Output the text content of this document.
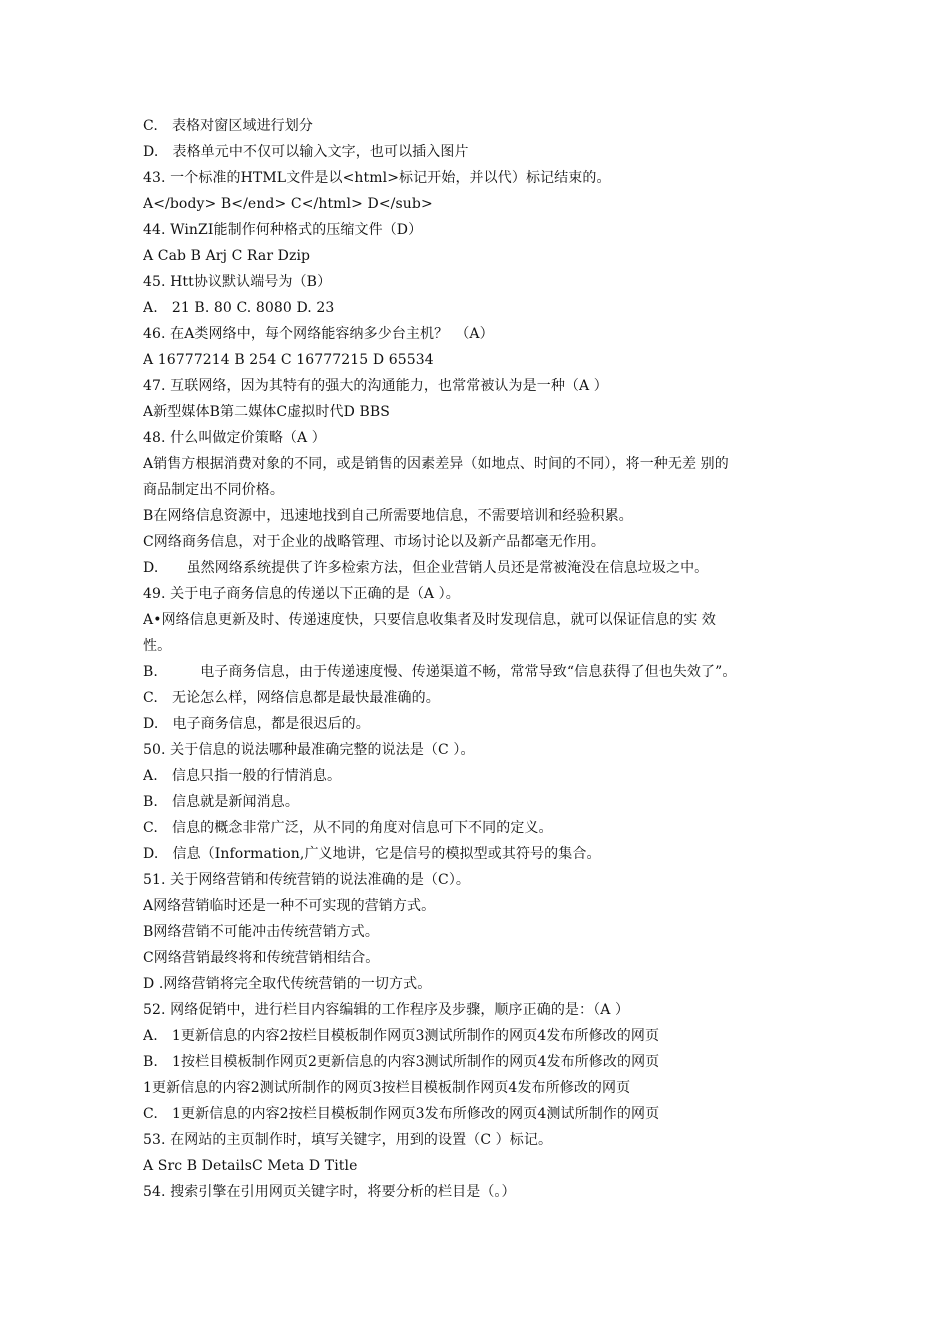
C.　表格对窗区域进行划分
D.　表格单元中不仅可以输入文字，也可以插入图片
43. 一个标准的HTML文件是以<html>标记开始，并以代）标记结束的。
A</body> B</end> C</html> D</sub>
44. WinZI能制作何种格式的压缩文件（D）
A Cab B Arj C Rar Dzip
45. Htt协议默认端号为（B）
A.　21 B. 80 C. 8080 D. 23
46. 在A类网络中，每个网络能容纳多少台主机？　（A）
A 16777214 B 254 C 16777215 D 65534
47. 互联网络，因为其特有的强大的沟通能力，也常常被认为是一种（A ）
A新型媒体B第二媒体C虚拟时代D BBS
48. 什么叫做定价策略（A ）
A销售方根据消费对象的不同，或是销售的因素差异（如地点、时间的不同），将一种无差 别的
商品制定出不同价格。
B在网络信息资源中，迅速地找到自己所需要地信息，不需要培训和经验积累。
C网络商务信息，对于企业的战略管理、市场讨论以及新产品都毫无作用。
D.　　虽然网络系统提供了许多检索方法，但企业营销人员还是常被淹没在信息垃圾之中。
49. 关于电子商务信息的传递以下正确的是（A ）。
A•网络信息更新及时、传递速度快，只要信息收集者及时发现信息，就可以保证信息的实 效
性。
B.　　　电子商务信息，由于传递速度慢、传递渠道不畅，常常导致“信息获得了但也失效了”。
C.　无论怎么样，网络信息都是最快最准确的。
D.　电子商务信息，都是很迟后的。
50. 关于信息的说法哪种最准确完整的说法是（C ）。
A.　信息只指一般的行情消息。
B.　信息就是新闻消息。
C.　信息的概念非常广泛，从不同的角度对信息可下不同的定义。
D.　信息（Information,广义地讲，它是信号的模拟型或其符号的集合。
51. 关于网络营销和传统营销的说法准确的是（C）。
A网络营销临时还是一种不可实现的营销方式。
B网络营销不可能冲击传统营销方式。
C网络营销最终将和传统营销相结合。
D .网络营销将完全取代传统营销的一切方式。
52. 网络促销中，进行栏目内容编辑的工作程序及步骤，顺序正确的是：（A ）
A.　1更新信息的内容2按栏目模板制作网页3测试所制作的网页4发布所修改的网页
B.　1按栏目模板制作网页2更新信息的内容3测试所制作的网页4发布所修改的网页
1更新信息的内容2测试所制作的网页3按栏目模板制作网页4发布所修改的网页
C.　1更新信息的内容2按栏目模板制作网页3发布所修改的网页4测试所制作的网页
53. 在网站的主页制作时，填写关键字，用到的设置（C ）标记。
A Src B DetailsC Meta D Title
54. 搜索引擎在引用网页关键字时，将要分析的栏目是（。）
